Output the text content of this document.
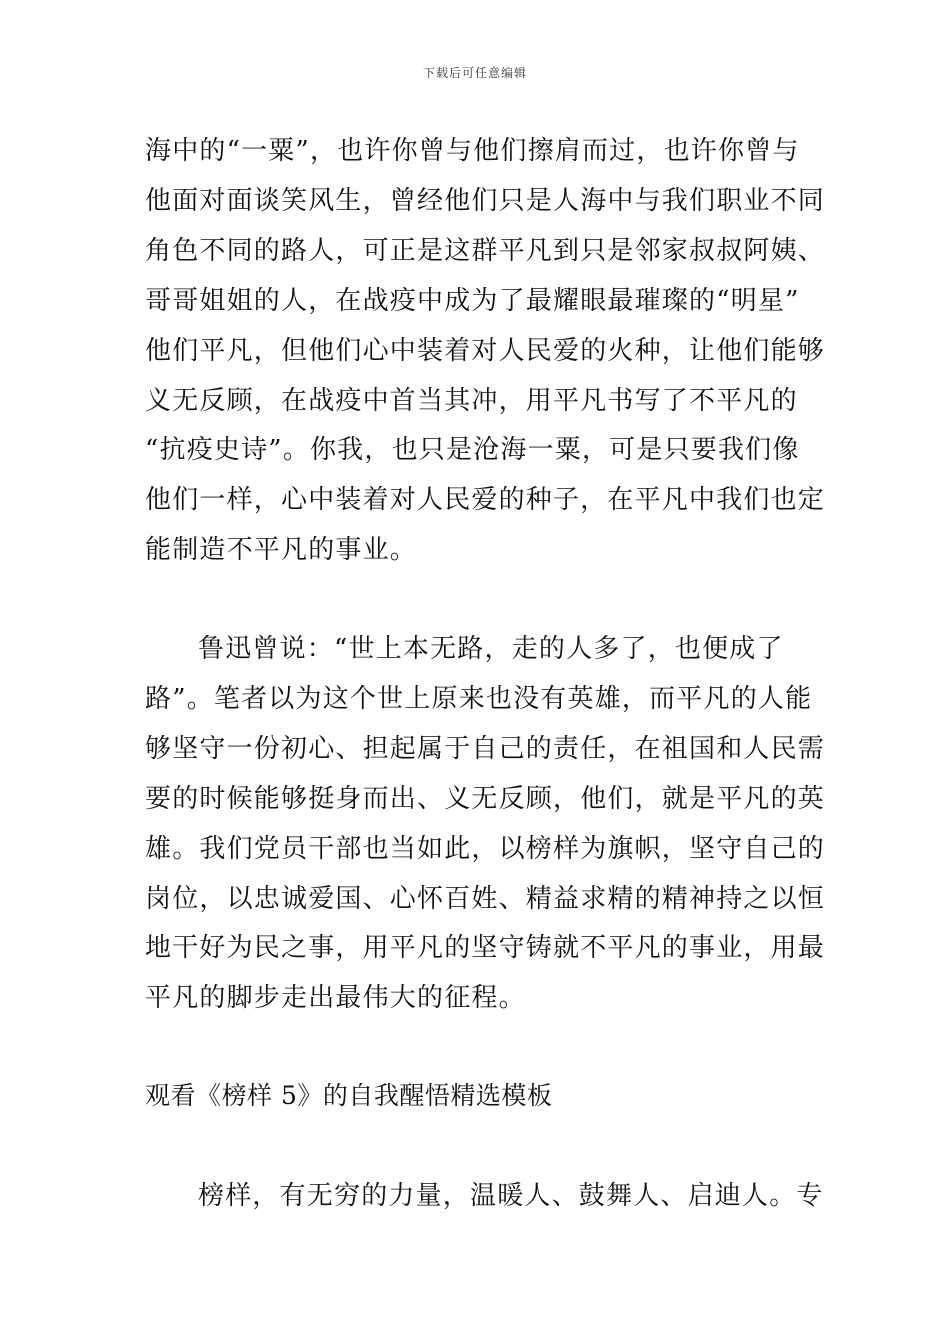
下载后可任意编辑
海中的“一粟”，也许你曾与他们擦肩而过，也许你曾与
他面对面谈笑风生，曾经他们只是人海中与我们职业不同
角色不同的路人，可正是这群平凡到只是邻家叔叔阿姨、
哥哥姐姐的人，在战疫中成为了最耀眼最璀璨的“明星”
他们平凡，但他们心中装着对人民爱的火种，让他们能够
义无反顾，在战疫中首当其冲，用平凡书写了不平凡的
“抗疫史诗”。你我，也只是沧海一粟，可是只要我们像
他们一样，心中装着对人民爱的种子，在平凡中我们也定
能制造不平凡的事业。
鲁迅曾说：“世上本无路，走的人多了，也便成了
路”。笔者以为这个世上原来也没有英雄，而平凡的人能
够坚守一份初心、担起属于自己的责任，在祖国和人民需
要的时候能够挺身而出、义无反顾，他们，就是平凡的英
雄。我们党员干部也当如此，以榜样为旗帜，坚守自己的
岗位，以忠诚爱国、心怀百姓、精益求精的精神持之以恒
地干好为民之事，用平凡的坚守铸就不平凡的事业，用最
平凡的脚步走出最伟大的征程。
观看《榜样 5》的自我醒悟精选模板
榜样，有无穷的力量，温暖人、鼓舞人、启迪人。专
